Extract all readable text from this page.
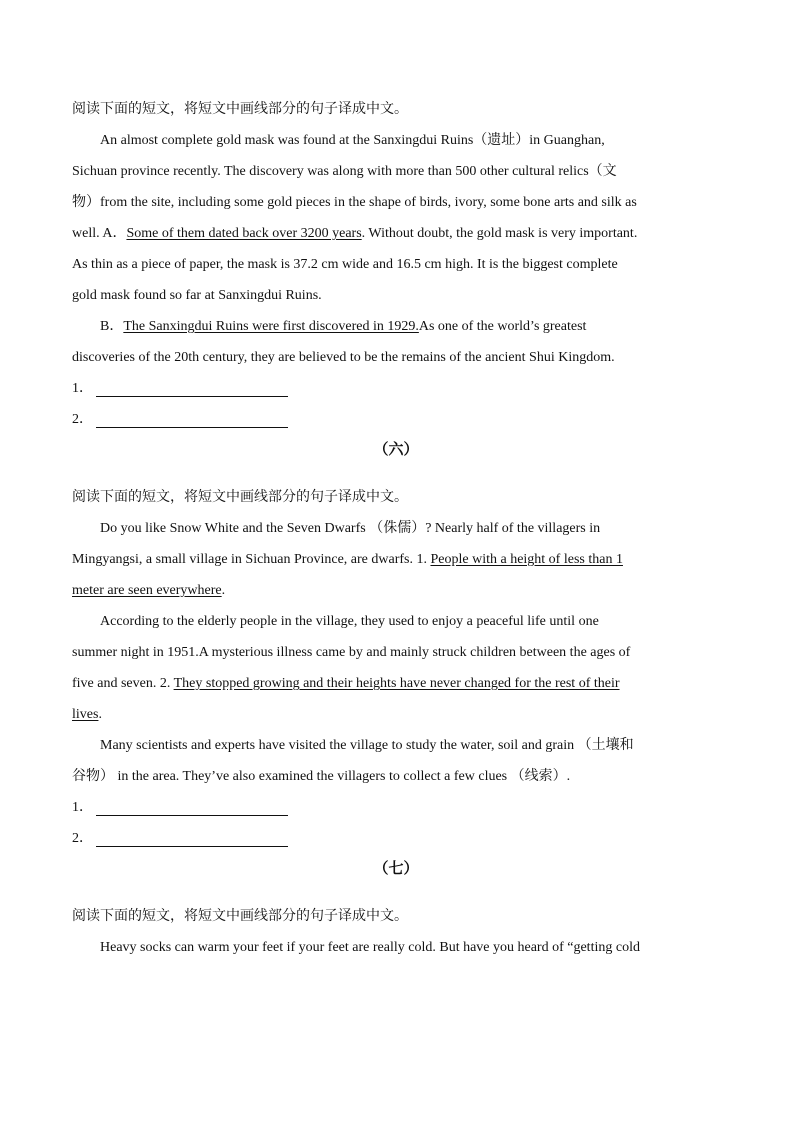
阅读下面的短文，将短文中画线部分的句子译成中文。
An almost complete gold mask was found at the Sanxingdui Ruins（遗址）in Guanghan,
Sichuan province recently. The discovery was along with more than 500 other cultural relics（文
物）from the site, including some gold pieces in the shape of birds, ivory, some bone arts and silk as
well. A．Some of them dated back over 3200 years. Without doubt, the gold mask is very important.
As thin as a piece of paper, the mask is 37.2 cm wide and 16.5 cm high. It is the biggest complete
gold mask found so far at Sanxingdui Ruins.
B．The Sanxingdui Ruins were first discovered in 1929.As one of the world’s greatest
discoveries of the 20th century, they are believed to be the remains of the ancient Shui Kingdom.
1．
2．
（六）
阅读下面的短文，将短文中画线部分的句子译成中文。
Do you like Snow White and the Seven Dwarfs （侏儒）? Nearly half of the villagers in
Mingyangsi, a small village in Sichuan Province, are dwarfs. 1. People with a height of less than 1
meter are seen everywhere.
According to the elderly people in the village, they used to enjoy a peaceful life until one
summer night in 1951.A mysterious illness came by and mainly struck children between the ages of
five and seven. 2. They stopped growing and their heights have never changed for the rest of their
lives.
Many scientists and experts have visited the village to study the water, soil and grain （土壤和
谷物） in the area. They’ve also examined the villagers to collect a few clues （线索）.
1．
2．
（七）
阅读下面的短文，将短文中画线部分的句子译成中文。
Heavy socks can warm your feet if your feet are really cold. But have you heard of “getting cold
